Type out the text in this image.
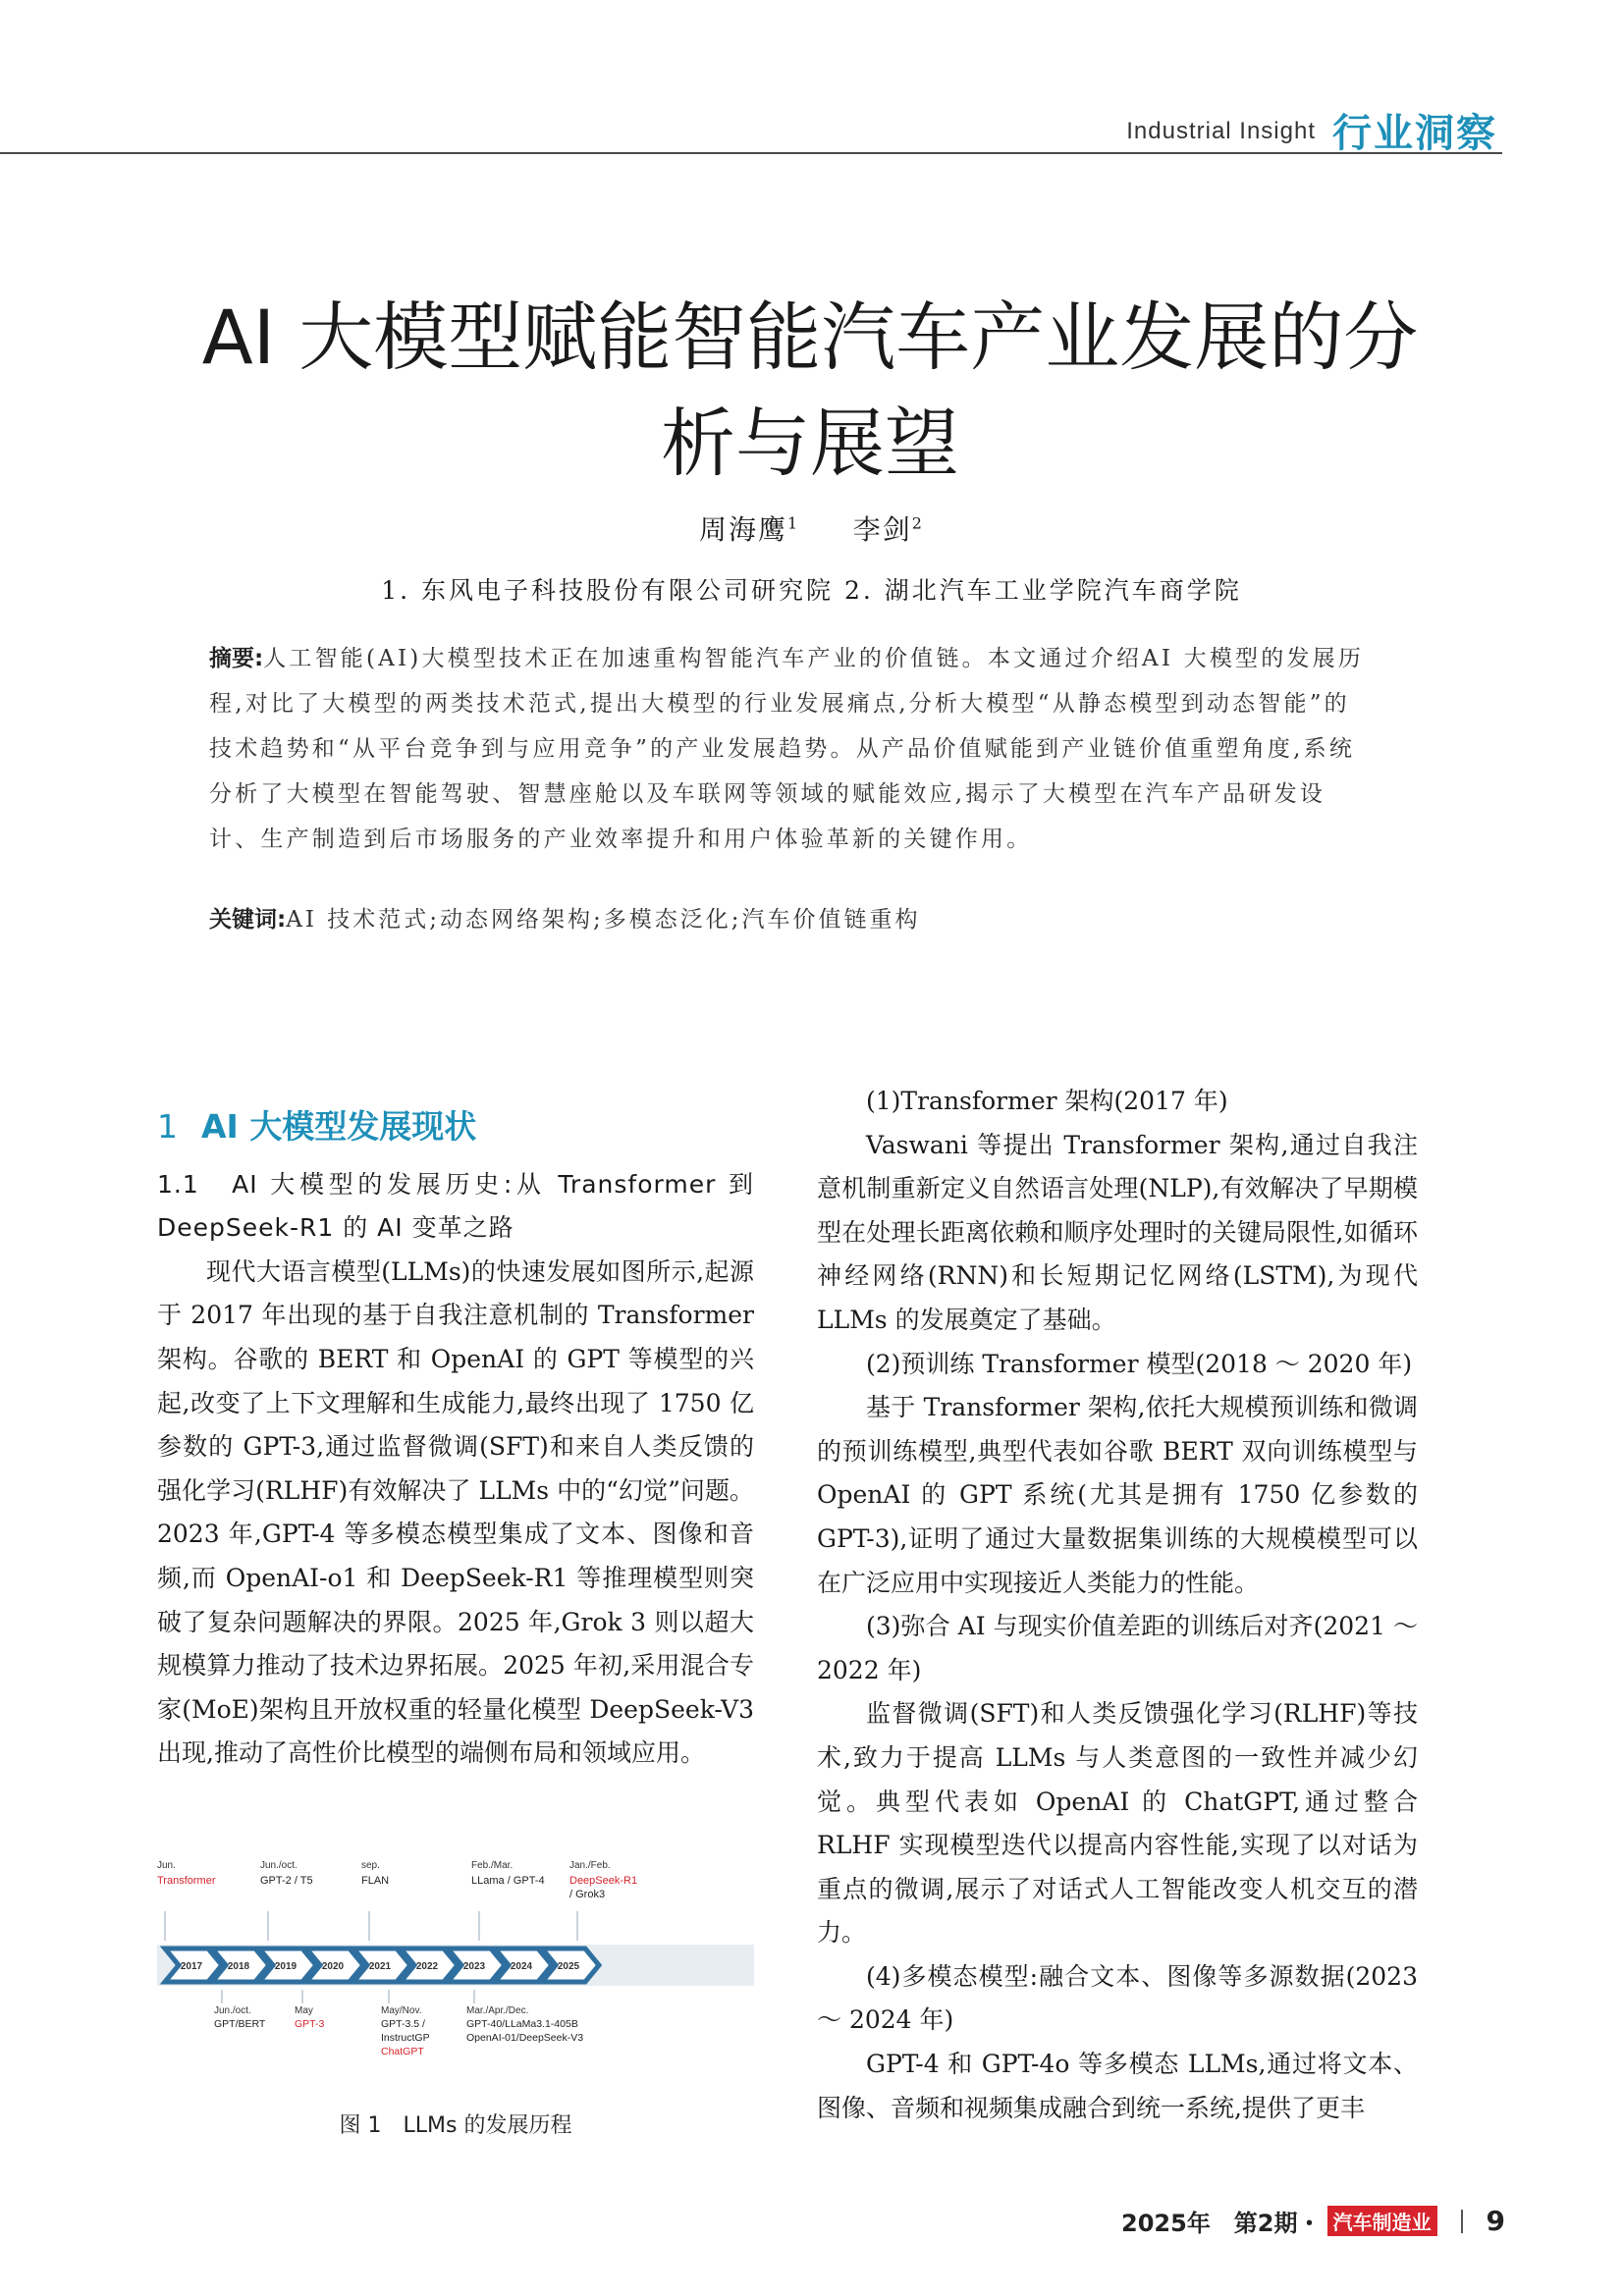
Industrial Insight 行业洞察
AI 大模型赋能智能汽车产业发展的分
析与展望
周海鹰$^1$ 李剑$^2$
1. 东风电子科技股份有限公司研究院 2. 湖北汽车工业学院汽车商学院
摘要:人工智能(AI)大模型技术正在加速重构智能汽车产业的价值链。本文通过介绍AI 大模型的发展历程,对比了大模型的两类技术范式,提出大模型的行业发展痛点,分析大模型“从静态模型到动态智能”的技术趋势和“从平台竞争到与应用竞争”的产业发展趋势。从产品价值赋能到产业链价值重塑角度,系统分析了大模型在智能驾驶、智慧座舱以及车联网等领域的赋能效应,揭示了大模型在汽车产品研发设计、生产制造到后市场服务的产业效率提升和用户体验革新的关键作用。
关键词:AI 技术范式;动态网络架构;多模态泛化;汽车价值链重构

1 AI 大模型发展现状

1.1　AI 大模型的发展历史:从 Transformer 到 DeepSeek-R1 的 AI 变革之路

现代大语言模型(LLMs)的快速发展如图所示,起源于 2017 年出现的基于自我注意机制的 Transformer 架构。谷歌的 BERT 和 OpenAI 的 GPT 等模型的兴起,改变了上下文理解和生成能力,最终出现了 1750 亿参数的 GPT-3,通过监督微调(SFT)和来自人类反馈的强化学习(RLHF)有效解决了 LLMs 中的“幻觉”问题。2023 年,GPT-4 等多模态模型集成了文本、图像和音频,而 OpenAI-o1 和 DeepSeek-R1 等推理模型则突破了复杂问题解决的界限。2025 年,Grok 3 则以超大规模算力推动了技术边界拓展。2025 年初,采用混合专家(MoE)架构且开放权重的轻量化模型 DeepSeek-V3 出现,推动了高性价比模型的端侧布局和领域应用。

Jun.
Transformer
Jun./oct.
GPT-2 / T5
sep.
FLAN
Feb./Mar.
LLama / GPT-4
Jan./Feb.
DeepSeek-R1
/ Grok3
2017	2018	2019	2020	2021	2022	2023	2024	2025
Jun./oct.
GPT/BERT
May
GPT-3
May/Nov.
GPT-3.5 /
InstructGP
ChatGPT
Mar./Apr./Dec.
GPT-40/LLaMa3.1-405B
OpenAI-01/DeepSeek-V3
图 1　LLMs 的发展历程

(1)Transformer 架构(2017 年)

Vaswani 等提出 Transformer 架构,通过自我注意机制重新定义自然语言处理(NLP),有效解决了早期模型在处理长距离依赖和顺序处理时的关键局限性,如循环神经网络(RNN)和长短期记忆网络(LSTM),为现代 LLMs 的发展奠定了基础。

(2)预训练 Transformer 模型(2018 ～ 2020 年)

基于 Transformer 架构,依托大规模预训练和微调的预训练模型,典型代表如谷歌 BERT 双向训练模型与 OpenAI 的 GPT 系统(尤其是拥有 1750 亿参数的 GPT-3),证明了通过大量数据集训练的大规模模型可以在广泛应用中实现接近人类能力的性能。

(3)弥合 AI 与现实价值差距的训练后对齐(2021 ～ 2022 年)

监督微调(SFT)和人类反馈强化学习(RLHF)等技术,致力于提高 LLMs 与人类意图的一致性并减少幻觉。典型代表如 OpenAI 的 ChatGPT,通过整合 RLHF 实现模型迭代以提高内容性能,实现了以对话为重点的微调,展示了对话式人工智能改变人机交互的潜力。

(4)多模态模型:融合文本、图像等多源数据(2023 ～ 2024 年)

GPT-4 和 GPT-4o 等多模态 LLMs,通过将文本、图像、音频和视频集成融合到统一系统,提供了更丰

2025年　第2期・ 汽车制造业 9
